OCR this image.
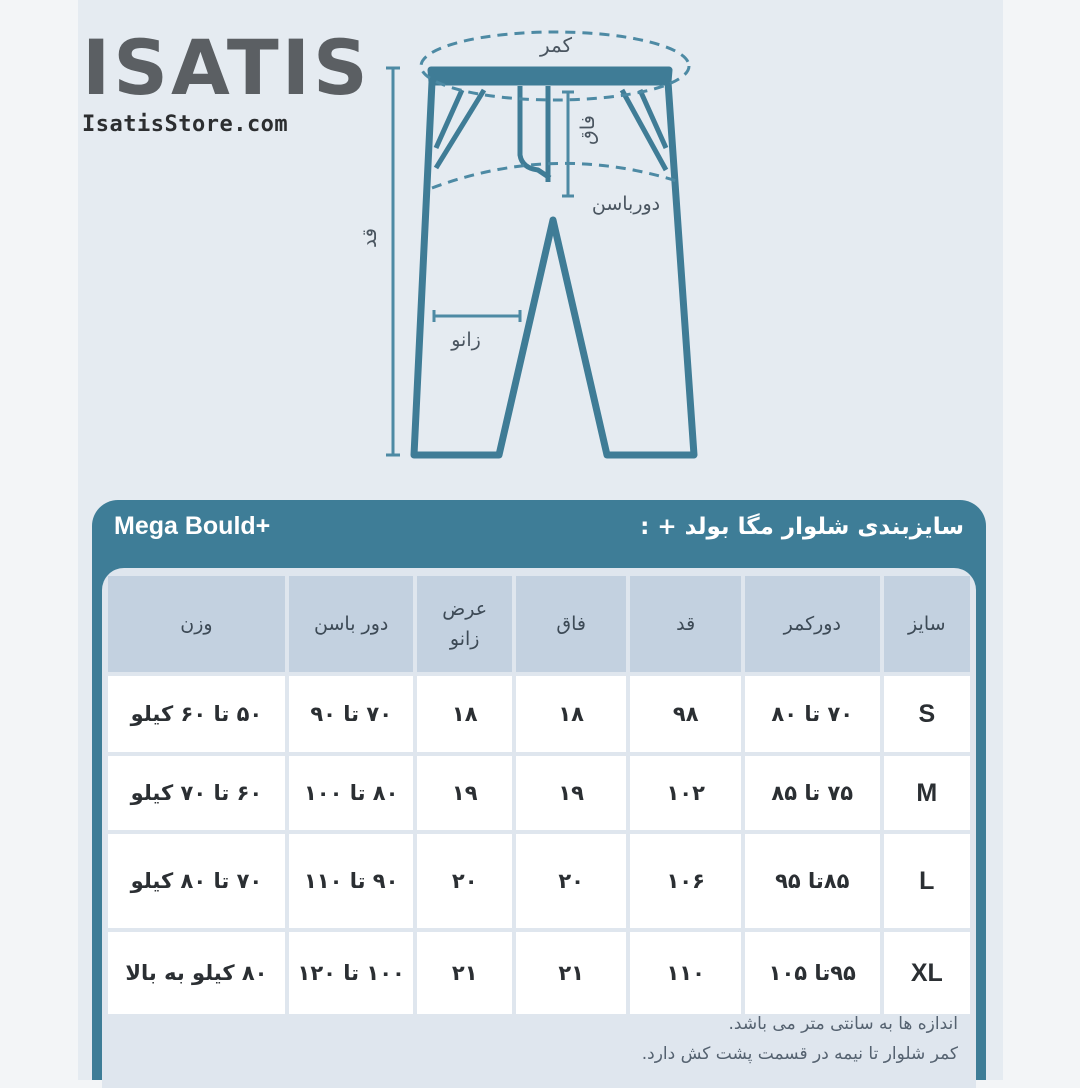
ISATIS
IsatisStore.com
کمر
فاق
دورباسن
قد
زانو
Mega Bould+	سایزبندی شلوار مگا بولد + :
سایز	دورکمر	قد	فاق	عرض زانو	دور باسن	وزن
S	۷۰ تا ۸۰	۹۸	۱۸	۱۸	۷۰ تا ۹۰	۵۰ تا ۶۰ کیلو
M	۷۵ تا ۸۵	۱۰۲	۱۹	۱۹	۸۰ تا ۱۰۰	۶۰ تا ۷۰ کیلو
L	۸۵تا ۹۵	۱۰۶	۲۰	۲۰	۹۰ تا ۱۱۰	۷۰ تا ۸۰ کیلو
XL	۹۵تا ۱۰۵	۱۱۰	۲۱	۲۱	۱۰۰ تا ۱۲۰	۸۰ کیلو به بالا
اندازه ها به سانتی متر می باشد.
کمر شلوار تا نیمه در قسمت پشت کش دارد.
